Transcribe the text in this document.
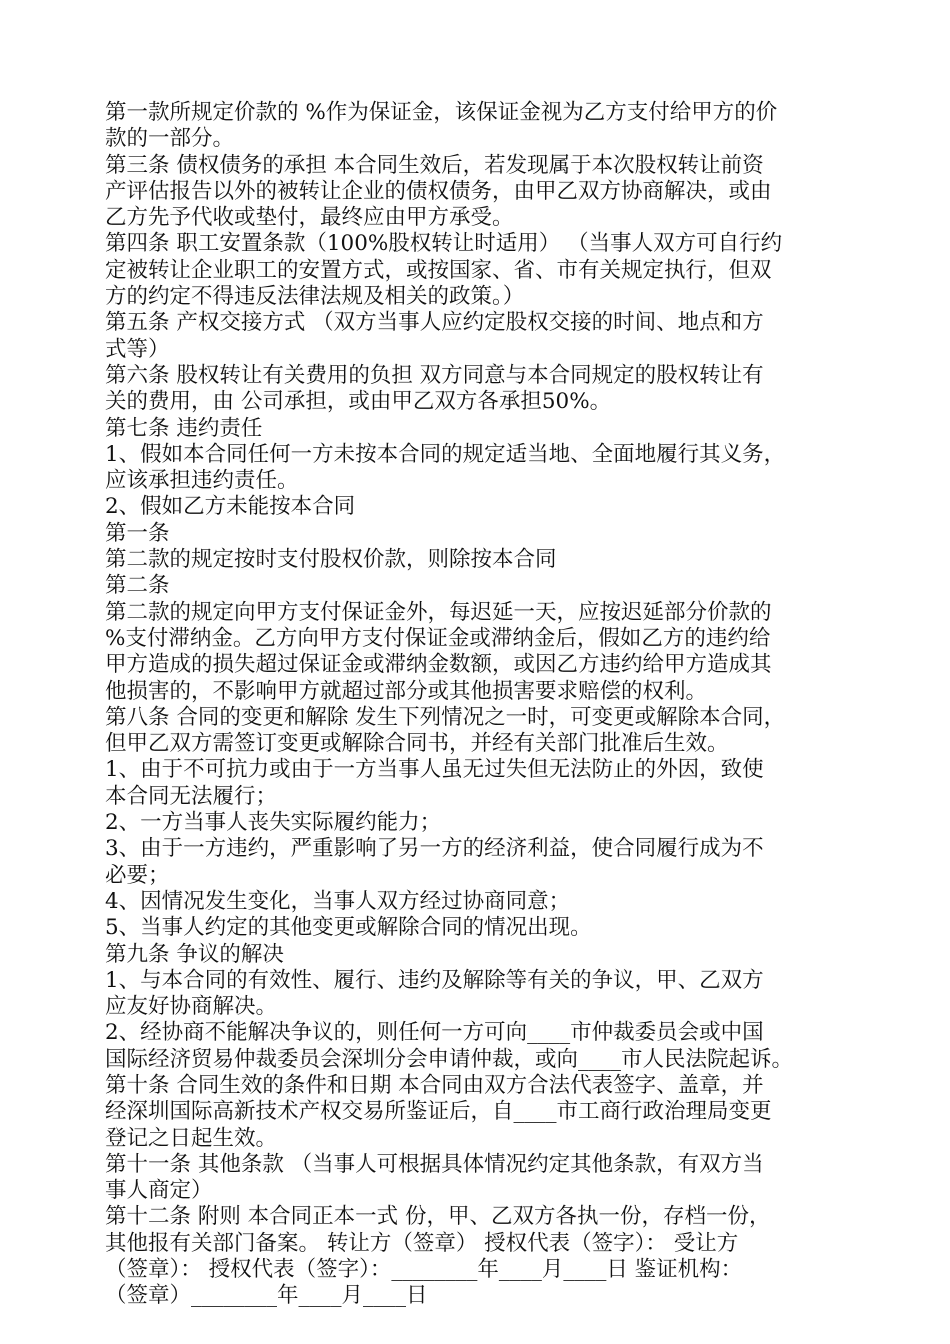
第一款所规定价款的 %作为保证金，该保证金视为乙方支付给甲方的价
款的一部分。
第三条 债权债务的承担 本合同生效后，若发现属于本次股权转让前资
产评估报告以外的被转让企业的债权债务，由甲乙双方协商解决，或由
乙方先予代收或垫付，最终应由甲方承受。
第四条 职工安置条款（100%股权转让时适用） （当事人双方可自行约
定被转让企业职工的安置方式，或按国家、省、市有关规定执行，但双
方的约定不得违反法律法规及相关的政策。）
第五条 产权交接方式 （双方当事人应约定股权交接的时间、地点和方
式等）
第六条 股权转让有关费用的负担 双方同意与本合同规定的股权转让有
关的费用，由 公司承担，或由甲乙双方各承担50%。
第七条 违约责任
1、假如本合同任何一方未按本合同的规定适当地、全面地履行其义务，
应该承担违约责任。
2、假如乙方未能按本合同
第一条
第二款的规定按时支付股权价款，则除按本合同
第二条
第二款的规定向甲方支付保证金外，每迟延一天，应按迟延部分价款的
%支付滞纳金。乙方向甲方支付保证金或滞纳金后，假如乙方的违约给
甲方造成的损失超过保证金或滞纳金数额，或因乙方违约给甲方造成其
他损害的，不影响甲方就超过部分或其他损害要求赔偿的权利。
第八条 合同的变更和解除 发生下列情况之一时，可变更或解除本合同，
但甲乙双方需签订变更或解除合同书，并经有关部门批准后生效。
1、由于不可抗力或由于一方当事人虽无过失但无法防止的外因，致使
本合同无法履行；
2、一方当事人丧失实际履约能力；
3、由于一方违约，严重影响了另一方的经济利益，使合同履行成为不
必要；
4、因情况发生变化，当事人双方经过协商同意；
5、当事人约定的其他变更或解除合同的情况出现。
第九条 争议的解决
1、与本合同的有效性、履行、违约及解除等有关的争议，甲、乙双方
应友好协商解决。
2、经协商不能解决争议的，则任何一方可向____市仲裁委员会或中国
国际经济贸易仲裁委员会深圳分会申请仲裁，或向____市人民法院起诉。
第十条 合同生效的条件和日期 本合同由双方合法代表签字、盖章，并
经深圳国际高新技术产权交易所鉴证后，自____市工商行政治理局变更
登记之日起生效。
第十一条 其他条款 （当事人可根据具体情况约定其他条款，有双方当
事人商定）
第十二条 附则 本合同正本一式 份，甲、乙双方各执一份，存档一份，
其他报有关部门备案。 转让方（签章） 授权代表（签字）： 受让方
（签章）： 授权代表（签字）：________年____月____日 鉴证机构：
（签章）________年____月____日
